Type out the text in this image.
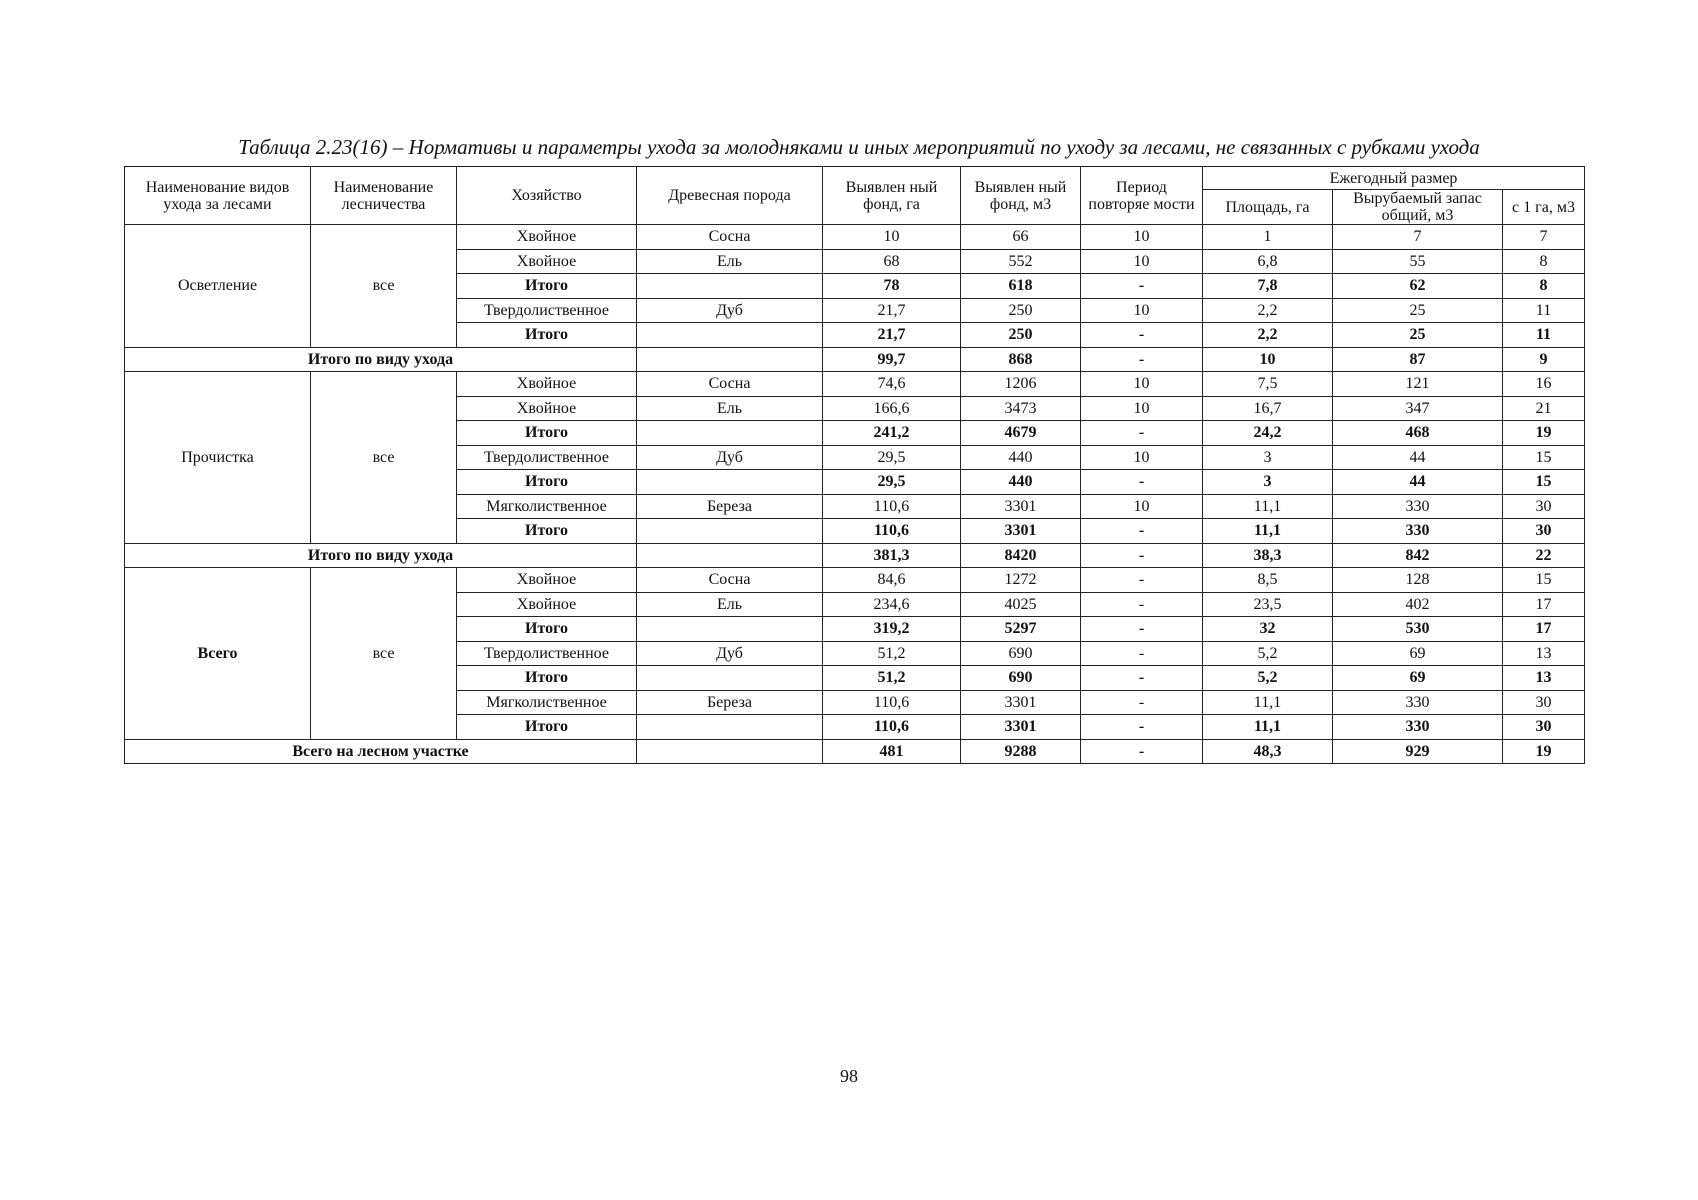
Таблица 2.23(16) – Нормативы и параметры ухода за молодняками и иных мероприятий по уходу за лесами, не связанных с рубками ухода
Наименование видов ухода за лесами	Наименование лесничества	Хозяйство	Древесная порода	Выявлен ный фонд, га	Выявлен ный фонд, м3	Период повторяе мости	Ежегодный размер		
							Площадь, га	Вырубаемый запас общий, м3	с 1 га, м3
Осветление	все	Хвойное	Сосна	10	66	10	1	7	7
		Хвойное	Ель	68	552	10	6,8	55	8
		Итого		78	618	-	7,8	62	8
		Твердолиственное	Дуб	21,7	250	10	2,2	25	11
		Итого		21,7	250	-	2,2	25	11
Итого по виду ухода				99,7	868	-	10	87	9
Прочистка	все	Хвойное	Сосна	74,6	1206	10	7,5	121	16
		Хвойное	Ель	166,6	3473	10	16,7	347	21
		Итого		241,2	4679	-	24,2	468	19
		Твердолиственное	Дуб	29,5	440	10	3	44	15
		Итого		29,5	440	-	3	44	15
		Мягколиственное	Береза	110,6	3301	10	11,1	330	30
		Итого		110,6	3301	-	11,1	330	30
Итого по виду ухода				381,3	8420	-	38,3	842	22
Всего	все	Хвойное	Сосна	84,6	1272	-	8,5	128	15
		Хвойное	Ель	234,6	4025	-	23,5	402	17
		Итого		319,2	5297	-	32	530	17
		Твердолиственное	Дуб	51,2	690	-	5,2	69	13
		Итого		51,2	690	-	5,2	69	13
		Мягколиственное	Береза	110,6	3301	-	11,1	330	30
		Итого		110,6	3301	-	11,1	330	30
Всего на лесном участке				481	9288	-	48,3	929	19
98
